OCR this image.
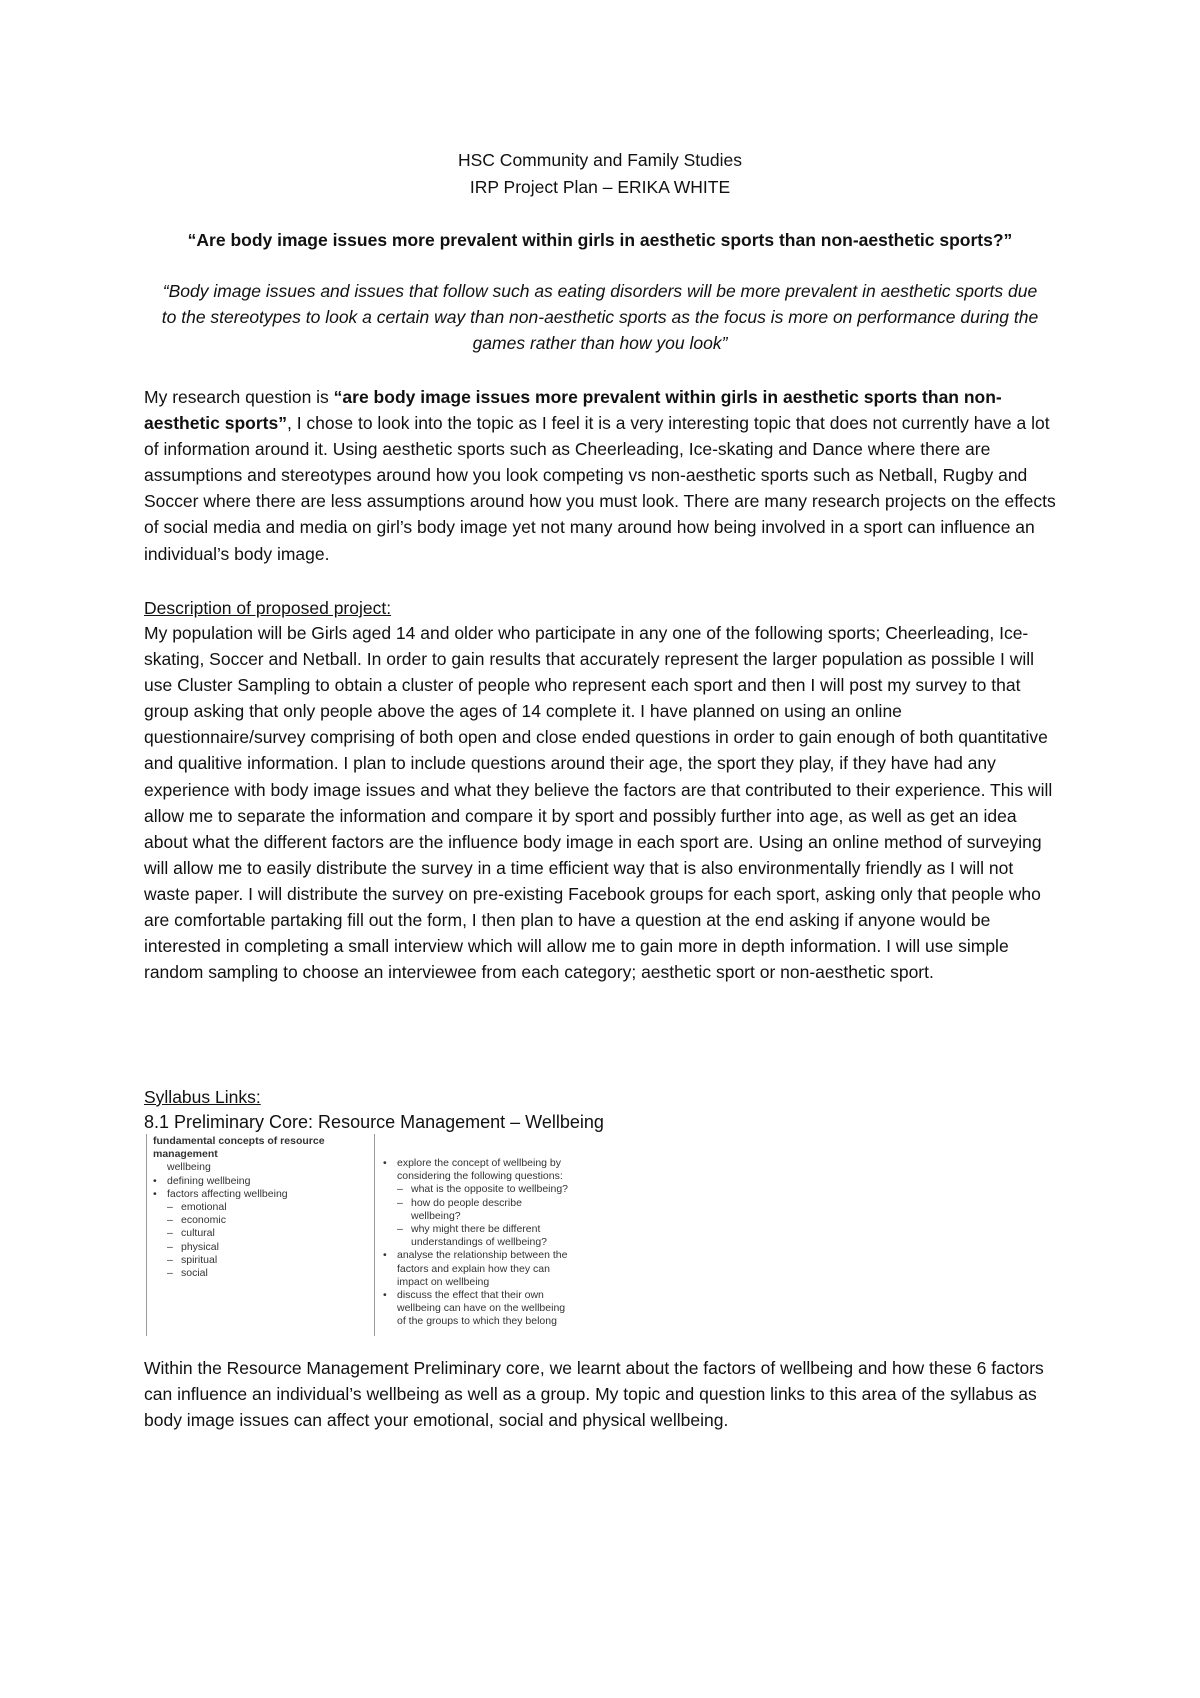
HSC Community and Family Studies
IRP Project Plan – ERIKA WHITE
“Are body image issues more prevalent within girls in aesthetic sports than non-aesthetic sports?”
“Body image issues and issues that follow such as eating disorders will be more prevalent in aesthetic sports due to the stereotypes to look a certain way than non-aesthetic sports as the focus is more on performance during the games rather than how you look”

My research question is “are body image issues more prevalent within girls in aesthetic sports than non-aesthetic sports”, I chose to look into the topic as I feel it is a very interesting topic that does not currently have a lot of information around it. Using aesthetic sports such as Cheerleading, Ice-skating and Dance where there are assumptions and stereotypes around how you look competing vs non-aesthetic sports such as Netball, Rugby and Soccer where there are less assumptions around how you must look. There are many research projects on the effects of social media and media on girl’s body image yet not many around how being involved in a sport can influence an individual’s body image.

Description of proposed project:

My population will be Girls aged 14 and older who participate in any one of the following sports; Cheerleading, Ice-skating, Soccer and Netball. In order to gain results that accurately represent the larger population as possible I will use Cluster Sampling to obtain a cluster of people who represent each sport and then I will post my survey to that group asking that only people above the ages of 14 complete it. I have planned on using an online questionnaire/survey comprising of both open and close ended questions in order to gain enough of both quantitative and qualitive information. I plan to include questions around their age, the sport they play, if they have had any experience with body image issues and what they believe the factors are that contributed to their experience. This will allow me to separate the information and compare it by sport and possibly further into age, as well as get an idea about what the different factors are the influence body image in each sport are. Using an online method of surveying will allow me to easily distribute the survey in a time efficient way that is also environmentally friendly as I will not waste paper. I will distribute the survey on pre-existing Facebook groups for each sport, asking only that people who are comfortable partaking fill out the form, I then plan to have a question at the end asking if anyone would be interested in completing a small interview which will allow me to gain more in depth information. I will use simple random sampling to choose an interviewee from each category; aesthetic sport or non-aesthetic sport.

Syllabus Links:
8.1 Preliminary Core: Resource Management – Wellbeing
fundamental concepts of resource
management
wellbeing
• defining wellbeing
• factors affecting wellbeing
– emotional
– economic
– cultural
– physical
– spiritual
– social
• explore the concept of wellbeing by
considering the following questions:
– what is the opposite to wellbeing?
– how do people describe
wellbeing?
– why might there be different
understandings of wellbeing?
• analyse the relationship between the
factors and explain how they can
impact on wellbeing
• discuss the effect that their own
wellbeing can have on the wellbeing
of the groups to which they belong

Within the Resource Management Preliminary core, we learnt about the factors of wellbeing and how these 6 factors can influence an individual’s wellbeing as well as a group. My topic and question links to this area of the syllabus as body image issues can affect your emotional, social and physical wellbeing.
